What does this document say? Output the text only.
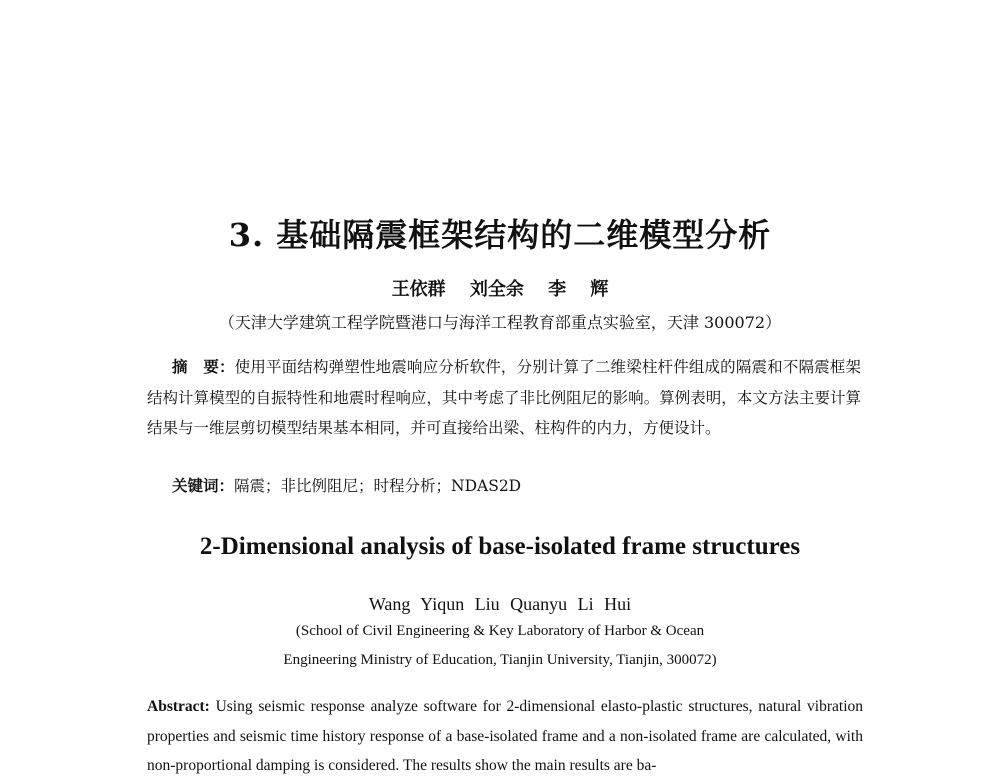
3. 基础隔震框架结构的二维模型分析
王依群 刘全余 李 辉
（天津大学建筑工程学院暨港口与海洋工程教育部重点实验室，天津 300072）
摘　要：使用平面结构弹塑性地震响应分析软件，分别计算了二维梁柱杆件组成的隔震和不隔震框架结构计算模型的自振特性和地震时程响应，其中考虑了非比例阻尼的影响。算例表明，本文方法主要计算结果与一维层剪切模型结果基本相同，并可直接给出梁、柱构件的内力，方便设计。
关键词：隔震；非比例阻尼；时程分析；NDAS2D
2-Dimensional analysis of base-isolated frame structures
Wang Yiqun Liu Quanyu Li Hui
(School of Civil Engineering & Key Laboratory of Harbor & Ocean
Engineering Ministry of Education, Tianjin University, Tianjin, 300072)
Abstract: Using seismic response analyze software for 2-dimensional elasto-plastic structures, natural vibration properties and seismic time history response of a base-isolated frame and a non-isolated frame are calculated, with non-proportional damping is considered. The results show the main results are ba-
